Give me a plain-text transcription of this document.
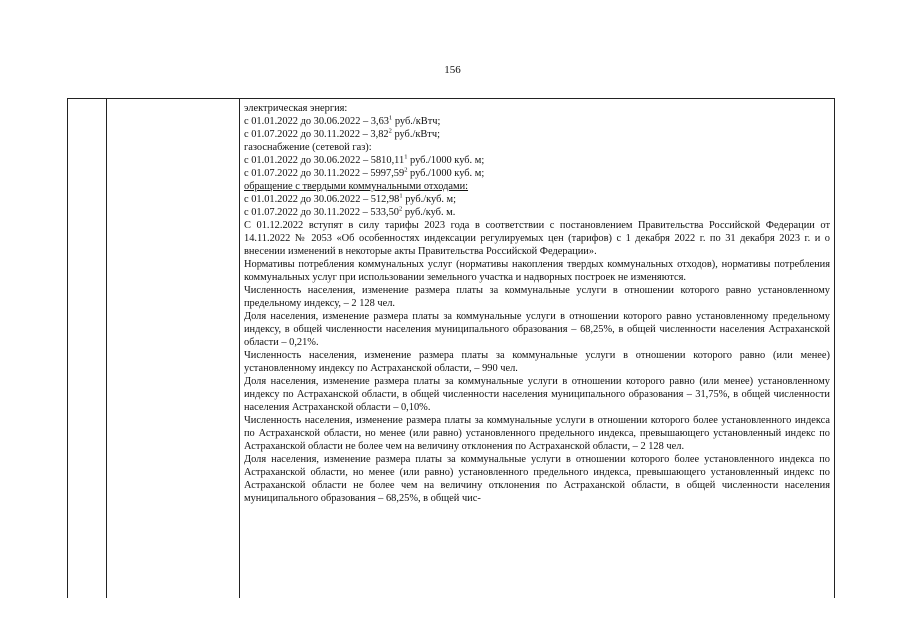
156
электрическая энергия:
с 01.01.2022 до 30.06.2022 – 3,63$^1$ руб./кВтч;
с 01.07.2022 до 30.11.2022 – 3,82$^2$ руб./кВтч;
газоснабжение (сетевой газ):
с 01.01.2022 до 30.06.2022 – 5810,11$^1$ руб./1000 куб. м;
с 01.07.2022 до 30.11.2022 – 5997,59$^2$ руб./1000 куб. м;
обращение с твердыми коммунальными отходами:
с 01.01.2022 до 30.06.2022 – 512,98$^1$ руб./куб. м;
с 01.07.2022 до 30.11.2022 – 533,50$^2$ руб./куб. м.
С 01.12.2022 вступят в силу тарифы 2023 года в соответствии с постановлением Правительства Российской Федерации от 14.11.2022 № 2053 «Об особенностях индексации регулируемых цен (тарифов) с 1 декабря 2022 г. по 31 декабря 2023 г. и о внесении изменений в некоторые акты Правительства Российской Федерации».
Нормативы потребления коммунальных услуг (нормативы накопления твердых коммунальных отходов), нормативы потребления коммунальных услуг при использовании земельного участка и надворных построек не изменяются.
Численность населения, изменение размера платы за коммунальные услуги в отношении которого равно установленному предельному индексу, – 2 128 чел.
Доля населения, изменение размера платы за коммунальные услуги в отношении которого равно установленному предельному индексу, в общей численности населения муниципального образования – 68,25%, в общей численности населения Астраханской области – 0,21%.
Численность населения, изменение размера платы за коммунальные услуги в отношении которого равно (или менее) установленному индексу по Астраханской области, – 990 чел.
Доля населения, изменение размера платы за коммунальные услуги в отношении которого равно (или менее) установленному индексу по Астраханской области, в общей численности населения муниципального образования – 31,75%, в общей численности населения Астраханской области – 0,10%.
Численность населения, изменение размера платы за коммунальные услуги в отношении которого более установленного индекса по Астраханской области, но менее (или равно) установленного предельного индекса, превышающего установленный индекс по Астраханской области не более чем на величину отклонения по Астраханской области, – 2 128 чел.
Доля населения, изменение размера платы за коммунальные услуги в отношении которого более установленного индекса по Астраханской области, но менее (или равно) установленного предельного индекса, превышающего установленный индекс по Астраханской области не более чем на величину отклонения по Астраханской области, в общей численности населения муниципального образования – 68,25%, в общей чис-
